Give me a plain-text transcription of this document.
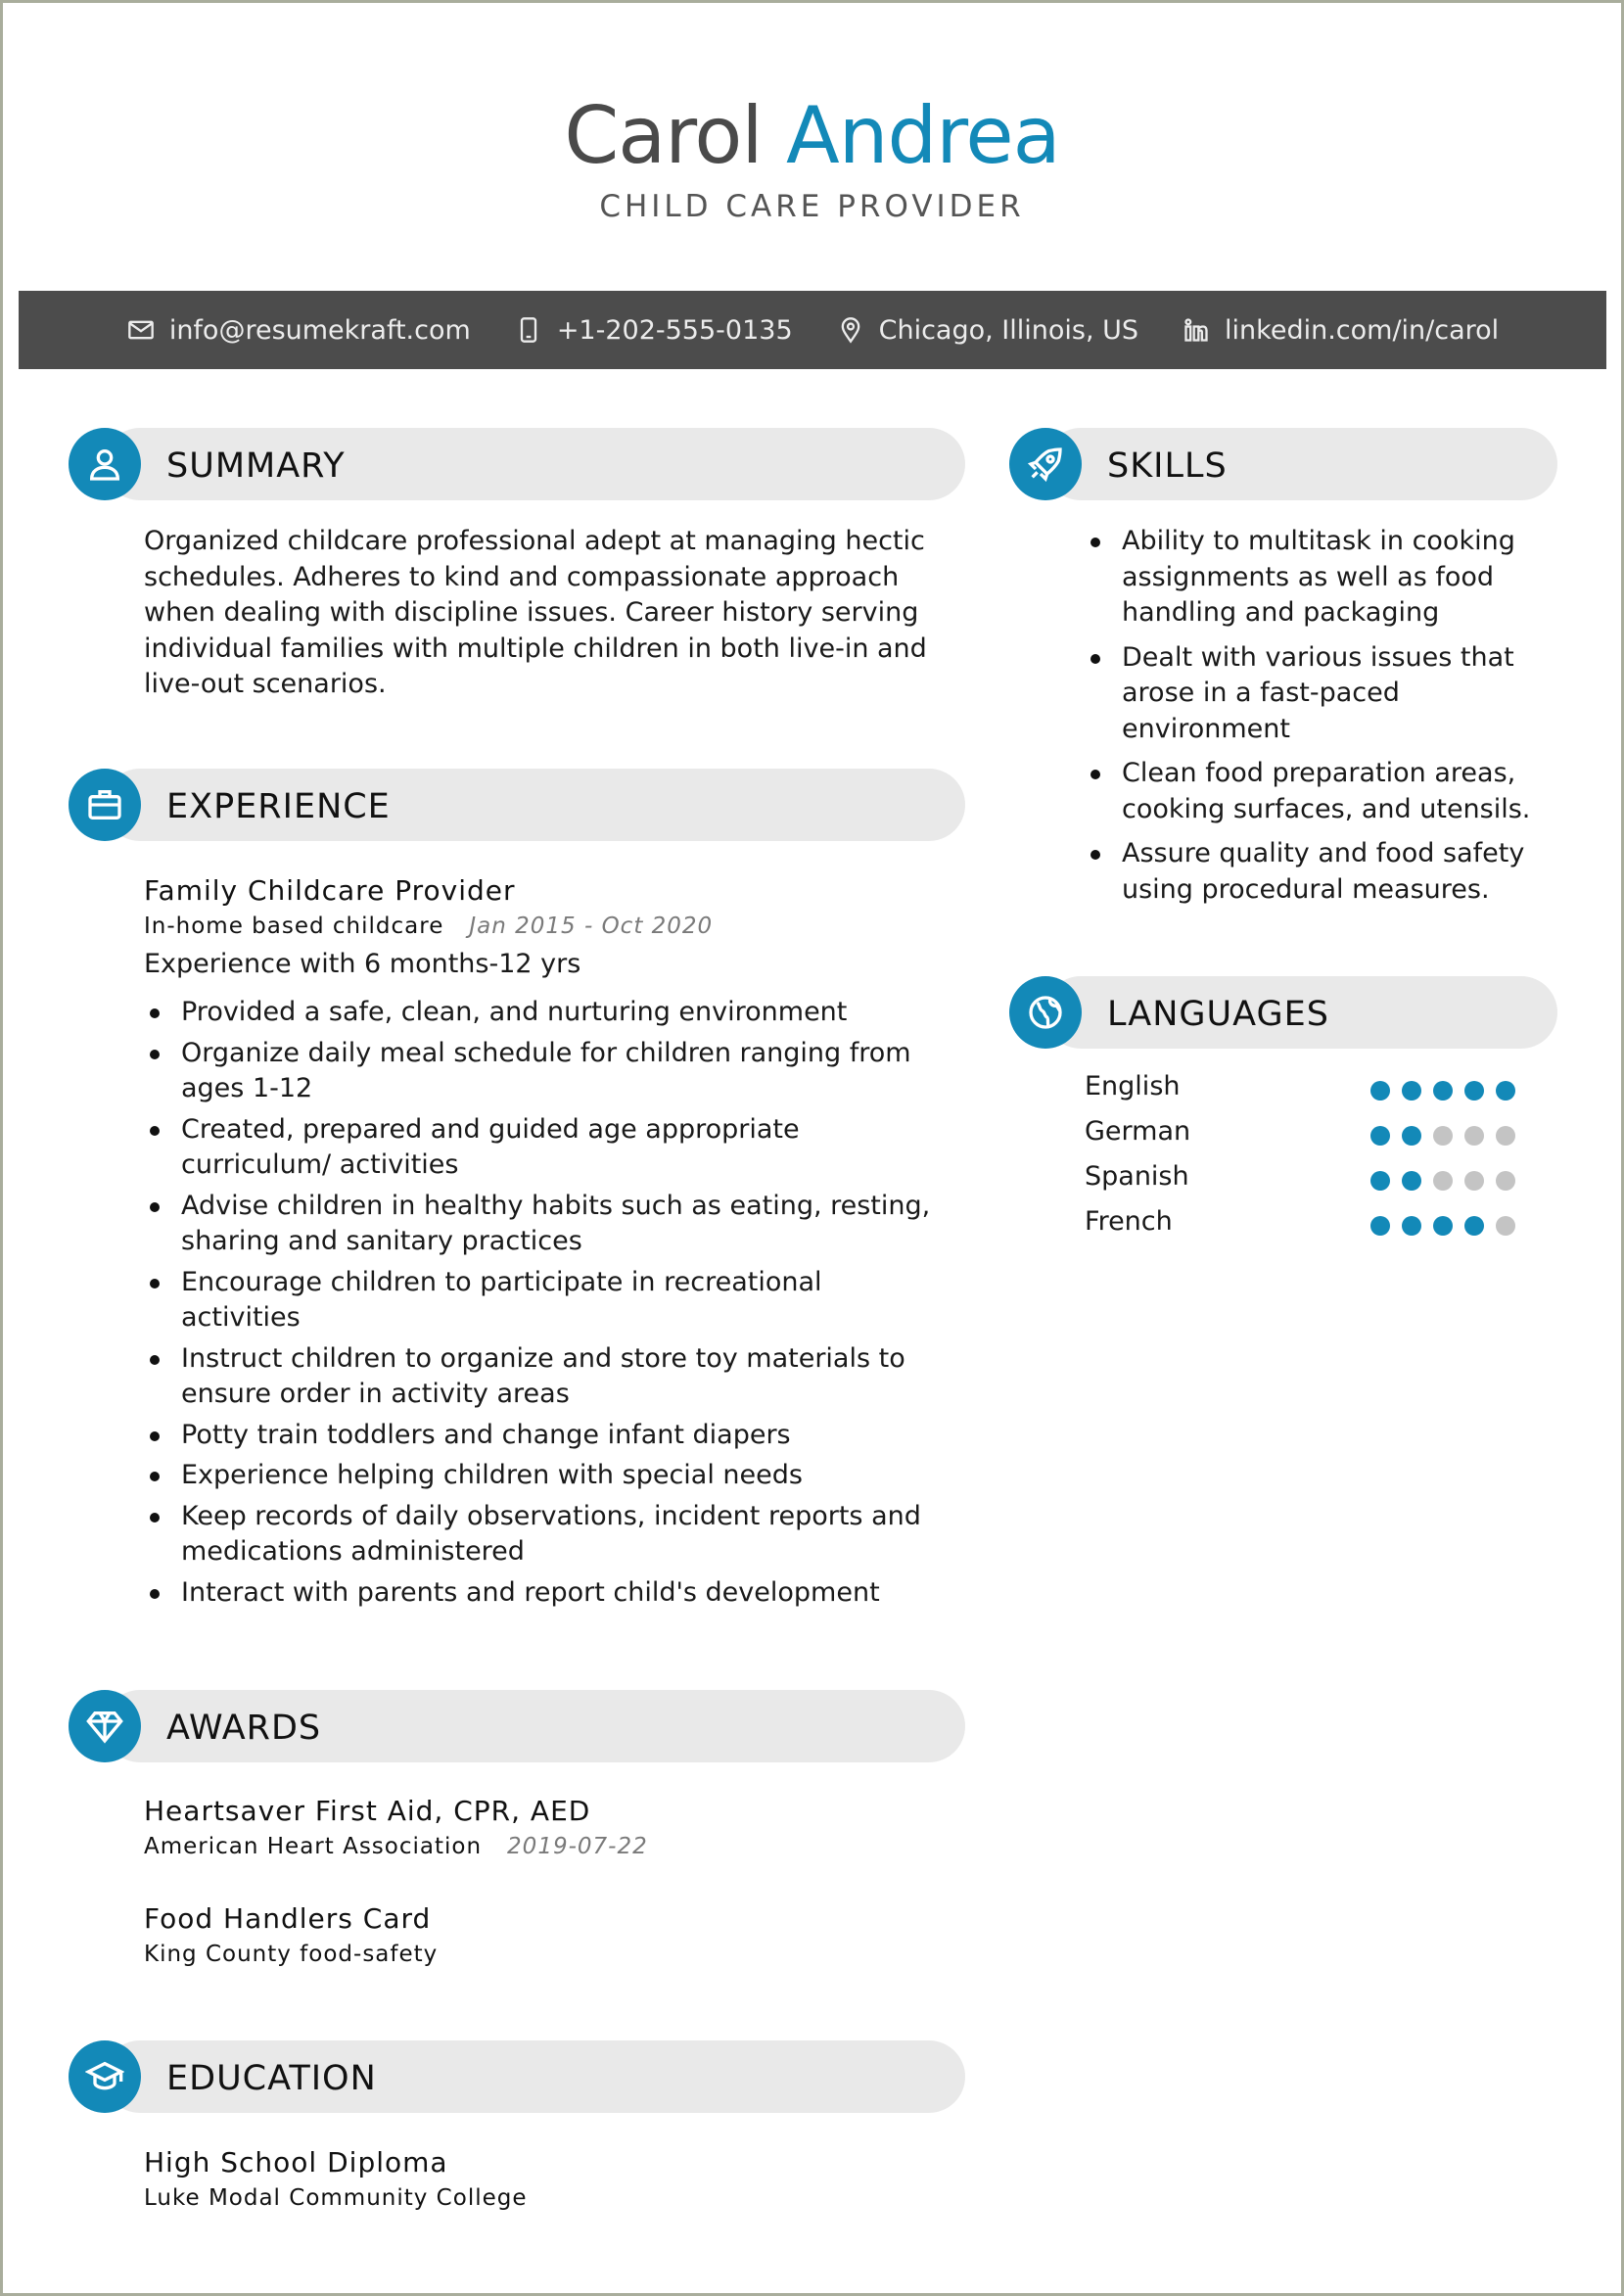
Carol Andrea
CHILD CARE PROVIDER
info@resumekraft.com	+1-202-555-0135	Chicago, Illinois, US	linkedin.com/in/carol
SUMMARY
Organized childcare professional adept at managing hectic
schedules. Adheres to kind and compassionate approach
when dealing with discipline issues. Career history serving
individual families with multiple children in both live-in and
live-out scenarios.
EXPERIENCE
Family Childcare Provider
In-home based childcare Jan 2015 - Oct 2020
Experience with 6 months-12 yrs
Provided a safe, clean, and nurturing environment
Organize daily meal schedule for children ranging from ages 1-12
Created, prepared and guided age appropriate curriculum/ activities
Advise children in healthy habits such as eating, resting, sharing and sanitary practices
Encourage children to participate in recreational activities
Instruct children to organize and store toy materials to ensure order in activity areas
Potty train toddlers and change infant diapers
Experience helping children with special needs
Keep records of daily observations, incident reports and medications administered
Interact with parents and report child's development
AWARDS
Heartsaver First Aid, CPR, AED
American Heart Association 2019-07-22
Food Handlers Card
King County food-safety
EDUCATION
High School Diploma
Luke Modal Community College
SKILLS
Ability to multitask in cooking assignments as well as food handling and packaging
Dealt with various issues that arose in a fast-paced environment
Clean food preparation areas, cooking surfaces, and utensils.
Assure quality and food safety using procedural measures.
LANGUAGES
English
German
Spanish
French
